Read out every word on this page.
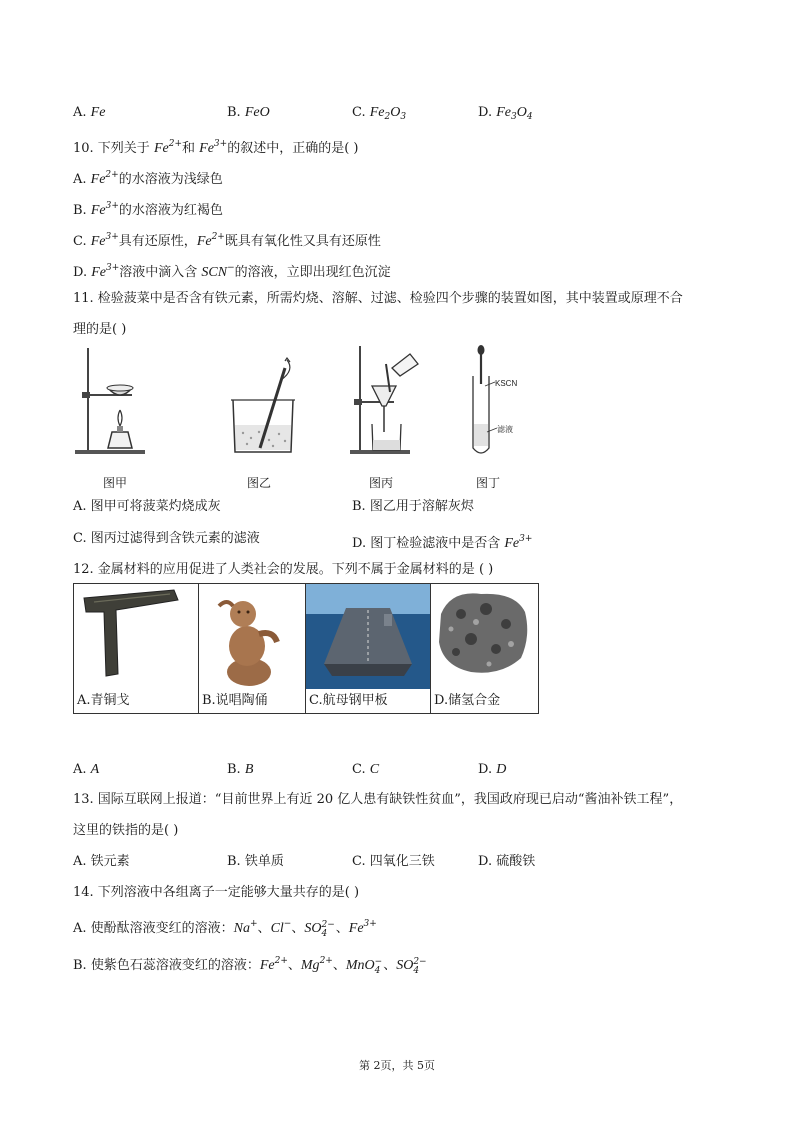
A. Fe	B. FeO	C. $Fe_2O_3$	D. $Fe_3O_4$
10. 下列关于 $Fe^{2+}$和 $Fe^{3+}$的叙述中，正确的是( )
A. $Fe^{2+}$的水溶液为浅绿色
B. $Fe^{3+}$的水溶液为红褐色
C. $Fe^{3+}$具有还原性，$Fe^{2+}$既具有氧化性又具有还原性
D. $Fe^{3+}$溶液中滴入含 SCN−的溶液，立即出现红色沉淀
11. 检验菠菜中是否含有铁元素，所需灼烧、溶解、过滤、检验四个步骤的装置如图，其中装置或原理不合
理的是( )
图甲	图乙	图丙
KSCN
滤液
图丁
A. 图甲可将菠菜灼烧成灰	B. 图乙用于溶解灰烬
C. 图丙过滤得到含铁元素的滤液	D. 图丁检验滤液中是否含 $Fe^{3+}$
12. 金属材料的应用促进了人类社会的发展。下列不属于金属材料的是 ( )
A.青铜戈	B.说唱陶俑	C.航母钢甲板	D.储氢合金
A. A	B. B	C. C	D. D
13. 国际互联网上报道：“目前世界上有近 20 亿人患有缺铁性贫血”，我国政府现已启动“酱油补铁工程”，
这里的铁指的是( )
A. 铁元素	B. 铁单质	C. 四氧化三铁	D. 硫酸铁
14. 下列溶液中各组离子一定能够大量共存的是( )
A. 使酚酞溶液变红的溶液：Na+、Cl−、SO 2−
4 、$Fe^{3+}$
B. 使紫色石蕊溶液变红的溶液：$Fe^{2+}$、$Mg^{2+}$、MnO −
4 、SO 2−
4
第 2页，共 5页
